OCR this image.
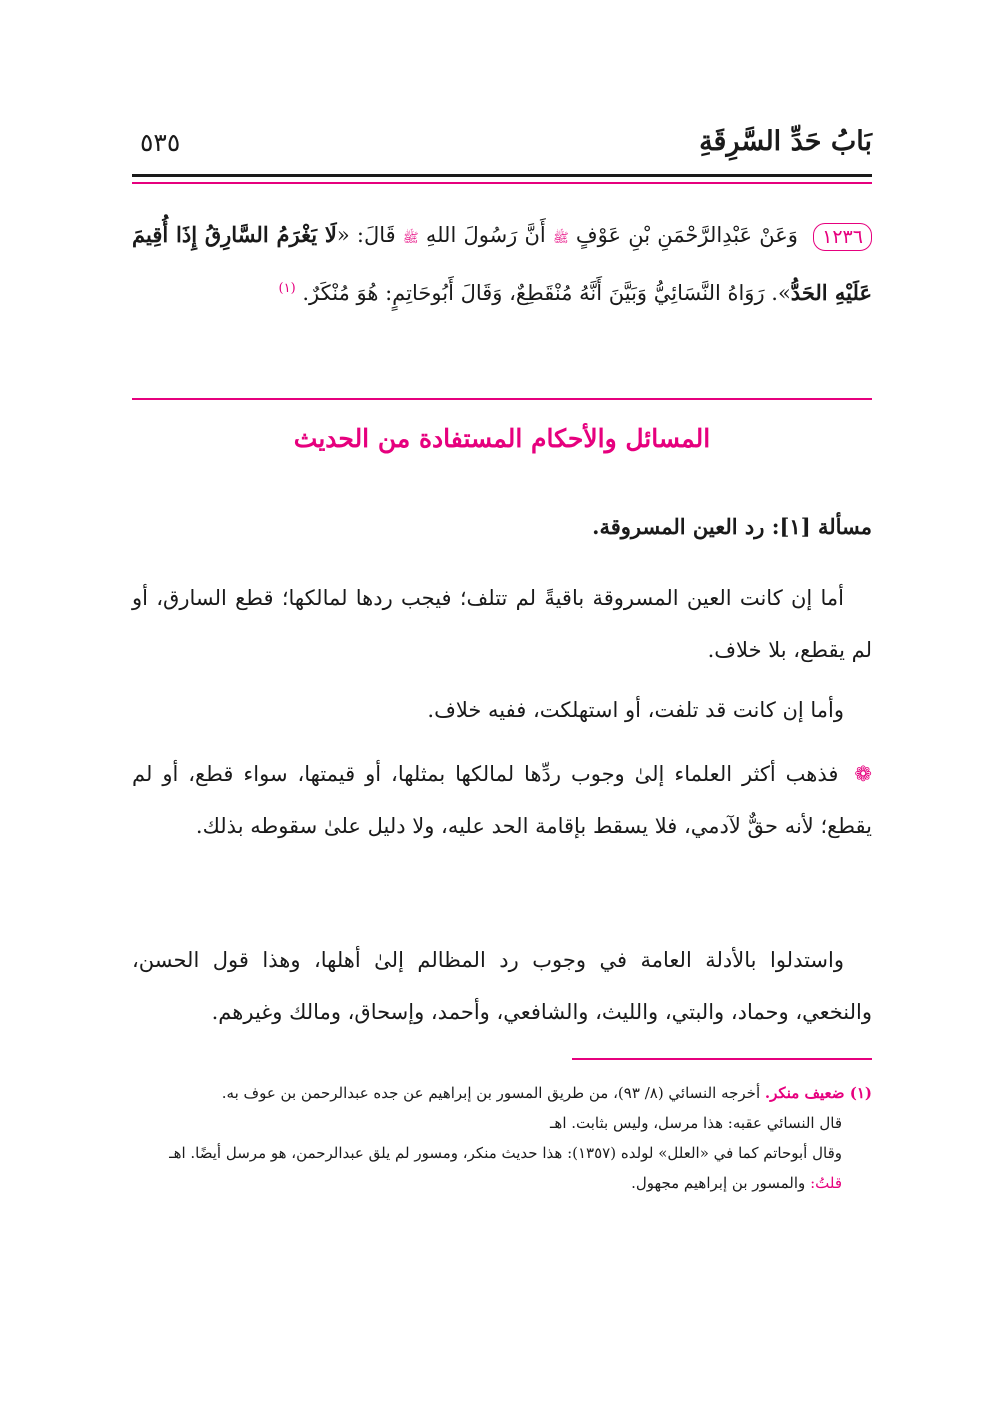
بَابُ حَدِّ السَّرِقَةِ
٥٣٥
١٢٣٦ وَعَنْ عَبْدِالرَّحْمَنِ بْنِ عَوْفٍ ﷺ أَنَّ رَسُولَ اللهِ ﷺ قَالَ: «لَا يَغْرَمُ السَّارِقُ إِذَا أُقِيمَ عَلَيْهِ الحَدُّ». رَوَاهُ النَّسَائِيُّ وَبَيَّنَ أَنَّهُ مُنْقَطِعٌ، وَقَالَ أَبُوحَاتِمٍ: هُوَ مُنْكَرٌ. $^{(١)}$
المسائل والأحكام المستفادة من الحديث
مسألة [١]: رد العين المسروقة.
أما إن كانت العين المسروقة باقيةً لم تتلف؛ فيجب ردها لمالكها؛ قطع السارق، أو لم يقطع، بلا خلاف.
وأما إن كانت قد تلفت، أو استهلكت، ففيه خلاف.
❁ فذهب أكثر العلماء إلىٰ وجوب ردِّها لمالكها بمثلها، أو قيمتها، سواء قطع، أو لم يقطع؛ لأنه حقٌّ لآدمي، فلا يسقط بإقامة الحد عليه، ولا دليل علىٰ سقوطه بذلك.
واستدلوا بالأدلة العامة في وجوب رد المظالم إلىٰ أهلها، وهذا قول الحسن، والنخعي، وحماد، والبتي، والليث، والشافعي، وأحمد، وإسحاق، ومالك وغيرهم.

(١) ضعيف منكر. أخرجه النسائي (٨/ ٩٣)، من طريق المسور بن إبراهيم عن جده عبدالرحمن بن عوف به.

قال النسائي عقبه: هذا مرسل، وليس بثابت. اهـ

وقال أبوحاتم كما في «العلل» لولده (١٣٥٧): هذا حديث منكر، ومسور لم يلق عبدالرحمن، هو مرسل أيضًا. اهـ

قلتُ: والمسور بن إبراهيم مجهول.
